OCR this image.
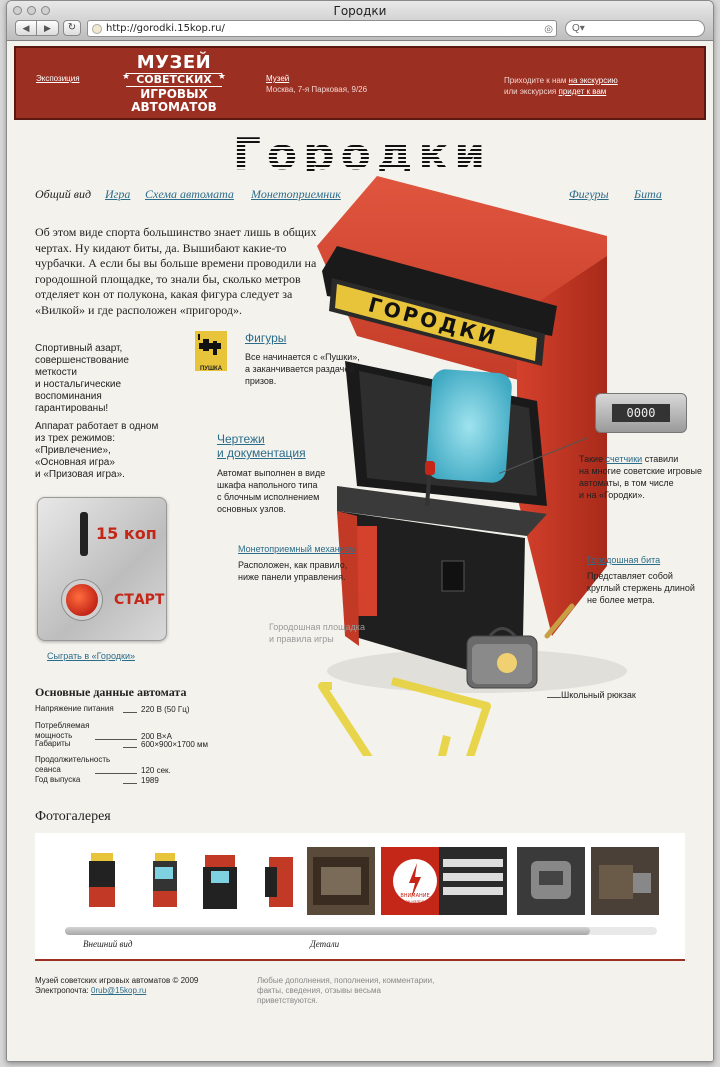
Городки
◀	▶	↻	http://gorodki.15kop.ru/	◎	Q▾
Экспозиция
МУЗЕЙ
★	★
СОВЕТСКИХ
ИГРОВЫХ
АВТОМАТОВ
Музей
Москва, 7-я Парковая, 9/26
Приходите к нам на экскурсию
или экскурсия придет к вам
Городки
Общий вид Игра Схема автомата Монетоприемник	Фигуры Бита
ГОРОДКИ
Об этом виде спорта большинство знает лишь в общих чертах. Ну кидают биты, да. Вышибают какие-то чурбачки. А если бы вы больше времени проводили на городошной площадке, то знали бы, сколько метров отделяет кон от полукона, какая фигура следует за «Вилкой» и где расположен «пригород».
Спортивный азарт,
совершенствование
меткости
и ностальгические
воспоминания
гарантированы!
Аппарат работает в одном
из трех режимов:
«Привлечение»,
«Основная игра»
и «Призовая игра».
15 коп
СТАРТ
Сыграть в «Городки»
ПУШКА
Фигуры
Все начинается с «Пушки»,
а заканчивается раздачей
призов.
Чертежи
и документация
Автомат выполнен в виде
шкафа напольного типа
с блочным исполнением
основных узлов.
Монетоприемный механизм
Расположен, как правило,
ниже панели управления.
Городошная площадка
и правила игры
0000
Такие счетчики ставили
на многие советские игровые
автоматы, в том числе
и на «Городки».
Городошная бита
Представляет собой
круглый стержень длиной
не более метра.
Школьный рюкзак
Основные данные автомата
Напряжение питания	220 В (50 Гц)
Потребляемая
мощность	200 В×А
Габариты	600×900×1700 мм
Продолжительность
сеанса	120 сек.
Год выпуска	1989
Фотогалерея
ВНИМАНИЕ
Высокое напряжение
Внешний вид	Детали
Музей советских игровых автоматов © 2009
Электропочта: 0rub@15kop.ru
Любые дополнения, пополнения, комментарии,
факты, сведения, отзывы весьма
приветствуются.
